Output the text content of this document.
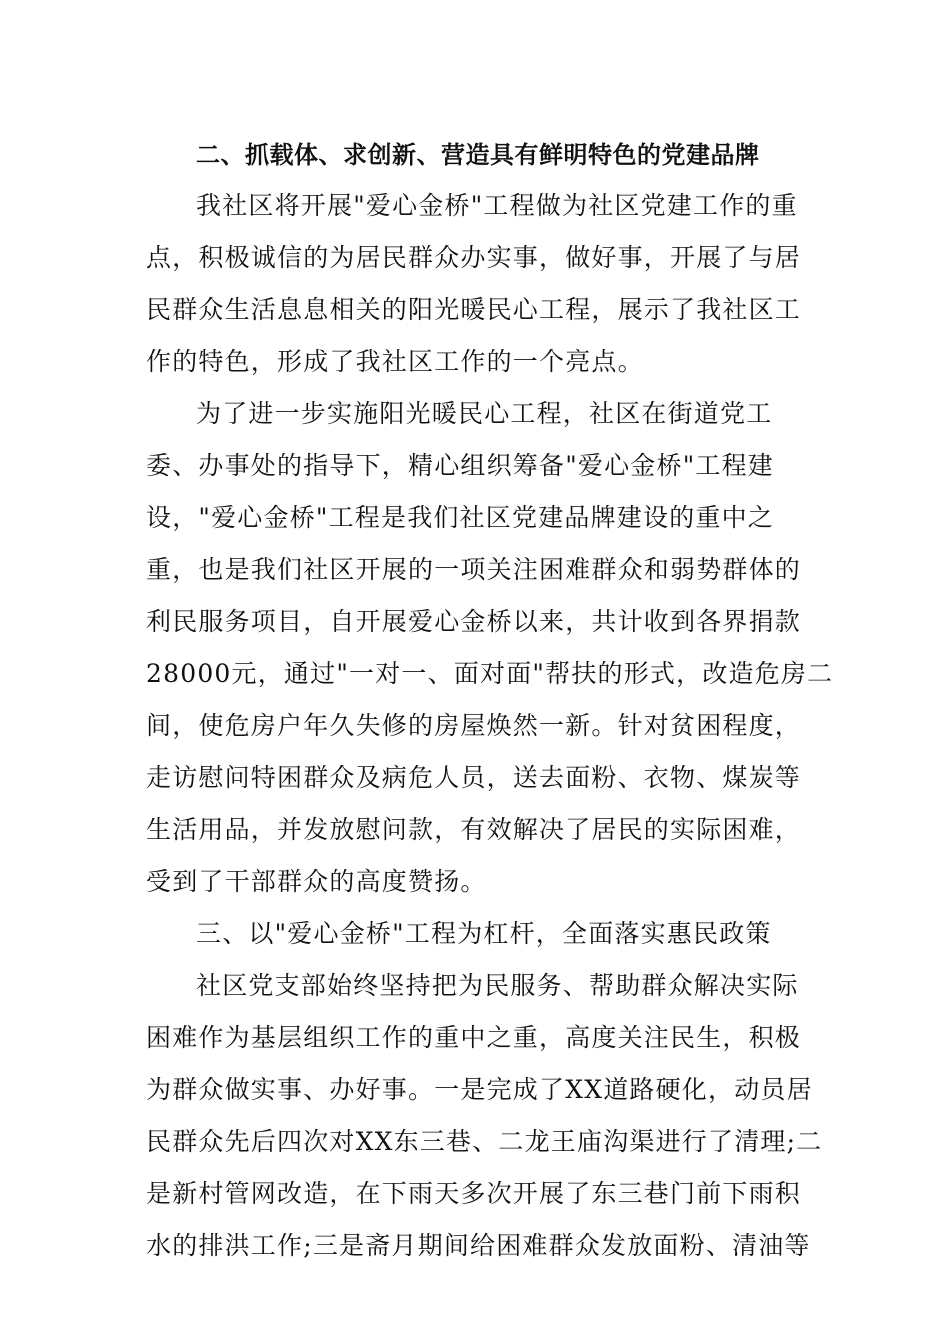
二、抓载体、求创新、营造具有鲜明特色的党建品牌

我社区将开展"爱心金桥"工程做为社区党建工作的重
点，积极诚信的为居民群众办实事，做好事，开展了与居
民群众生活息息相关的阳光暖民心工程，展示了我社区工
作的特色，形成了我社区工作的一个亮点。

为了进一步实施阳光暖民心工程，社区在街道党工
委、办事处的指导下，精心组织筹备"爱心金桥"工程建
设，"爱心金桥"工程是我们社区党建品牌建设的重中之
重，也是我们社区开展的一项关注困难群众和弱势群体的
利民服务项目，自开展爱心金桥以来，共计收到各界捐款
28000元，通过"一对一、面对面"帮扶的形式，改造危房二
间，使危房户年久失修的房屋焕然一新。针对贫困程度，
走访慰问特困群众及病危人员，送去面粉、衣物、煤炭等
生活用品，并发放慰问款，有效解决了居民的实际困难，
受到了干部群众的高度赞扬。

三、以"爱心金桥"工程为杠杆，全面落实惠民政策

社区党支部始终坚持把为民服务、帮助群众解决实际
困难作为基层组织工作的重中之重，高度关注民生，积极
为群众做实事、办好事。一是完成了XX道路硬化，动员居
民群众先后四次对XX东三巷、二龙王庙沟渠进行了清理;二
是新村管网改造，在下雨天多次开展了东三巷门前下雨积
水的排洪工作;三是斋月期间给困难群众发放面粉、清油等
